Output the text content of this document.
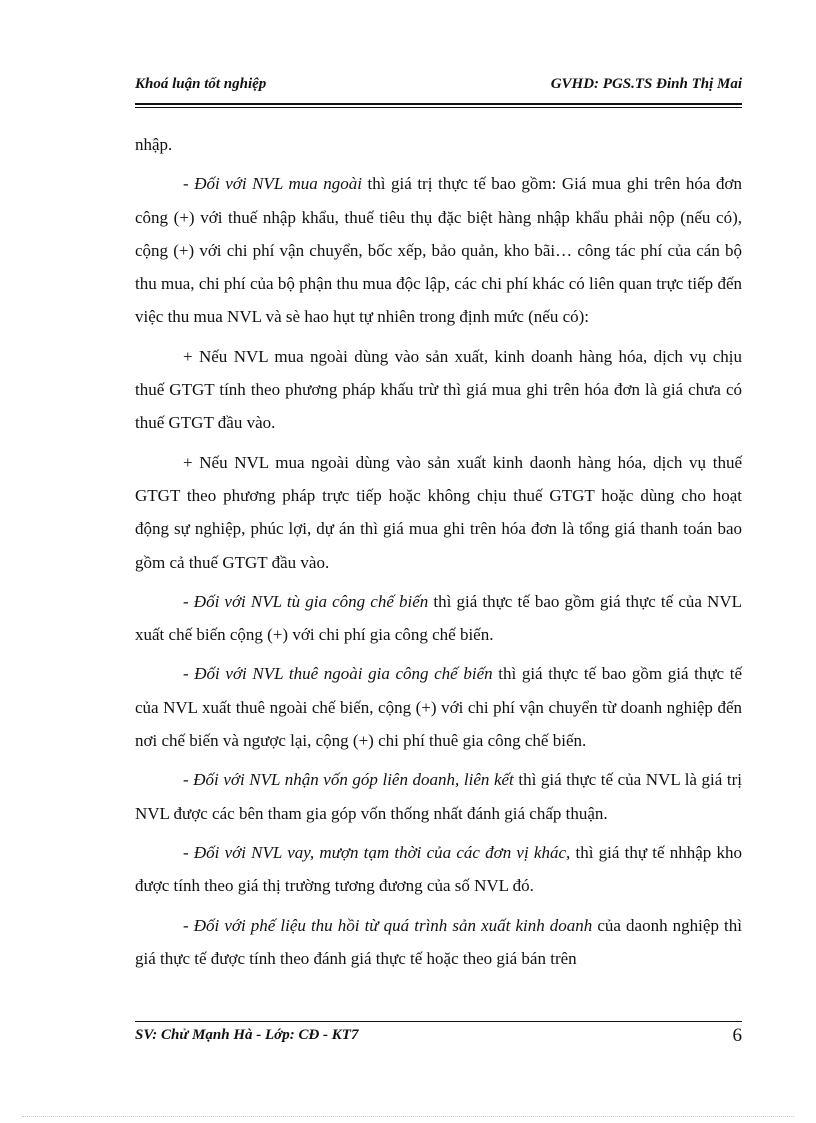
Khoá luận tốt nghiệp	GVHD: PGS.TS Đinh Thị Mai

nhập.

- Đối với NVL mua ngoài thì giá trị thực tế bao gồm: Giá mua ghi trên hóa đơn công (+) với thuế nhập khẩu, thuế tiêu thụ đặc biệt hàng nhập khẩu phải nộp (nếu có), cộng (+) với chi phí vận chuyển, bốc xếp, bảo quản, kho bãi… công tác phí của cán bộ thu mua, chi phí của bộ phận thu mua độc lập, các chi phí khác có liên quan trực tiếp đến việc thu mua NVL và sè hao hụt tự nhiên trong định mức (nếu có):

+ Nếu NVL mua ngoài dùng vào sản xuất, kinh doanh hàng hóa, dịch vụ chịu thuế GTGT tính theo phương pháp khấu trừ thì giá mua ghi trên hóa đơn là giá chưa có thuế GTGT đầu vào.

+ Nếu NVL mua ngoài dùng vào sản xuất kinh daonh hàng hóa, dịch vụ thuế GTGT theo phương pháp trực tiếp hoặc không chịu thuế GTGT hoặc dùng cho hoạt động sự nghiệp, phúc lợi, dự án thì giá mua ghi trên hóa đơn là tổng giá thanh toán bao gồm cả thuế GTGT đầu vào.

- Đối với NVL tù gia công chế biến thì giá thực tế bao gồm giá thực tế của NVL xuất chế biến cộng (+) với chi phí gia công chế biến.

- Đối với NVL thuê ngoài gia công chế biến thì giá thực tế bao gồm giá thực tế của NVL xuất thuê ngoài chế biến, cộng (+) với chi phí vận chuyển từ doanh nghiệp đến nơi chế biến và ngược lại, cộng (+) chi phí thuê gia công chế biến.

- Đối với NVL nhận vốn góp liên doanh, liên kết thì giá thực tế của NVL là giá trị NVL được các bên tham gia góp vốn thống nhất đánh giá chấp thuận.

- Đối với NVL vay, mượn tạm thời của các đơn vị khác, thì giá thự tế nhhập kho được tính theo giá thị trường tương đương của số NVL đó.

- Đối với phế liệu thu hồi từ quá trình sản xuất kinh doanh của daonh nghiệp thì giá thực tế được tính theo đánh giá thực tế hoặc theo giá bán trên

SV: Chử Mạnh Hà - Lớp: CĐ - KT7	6
